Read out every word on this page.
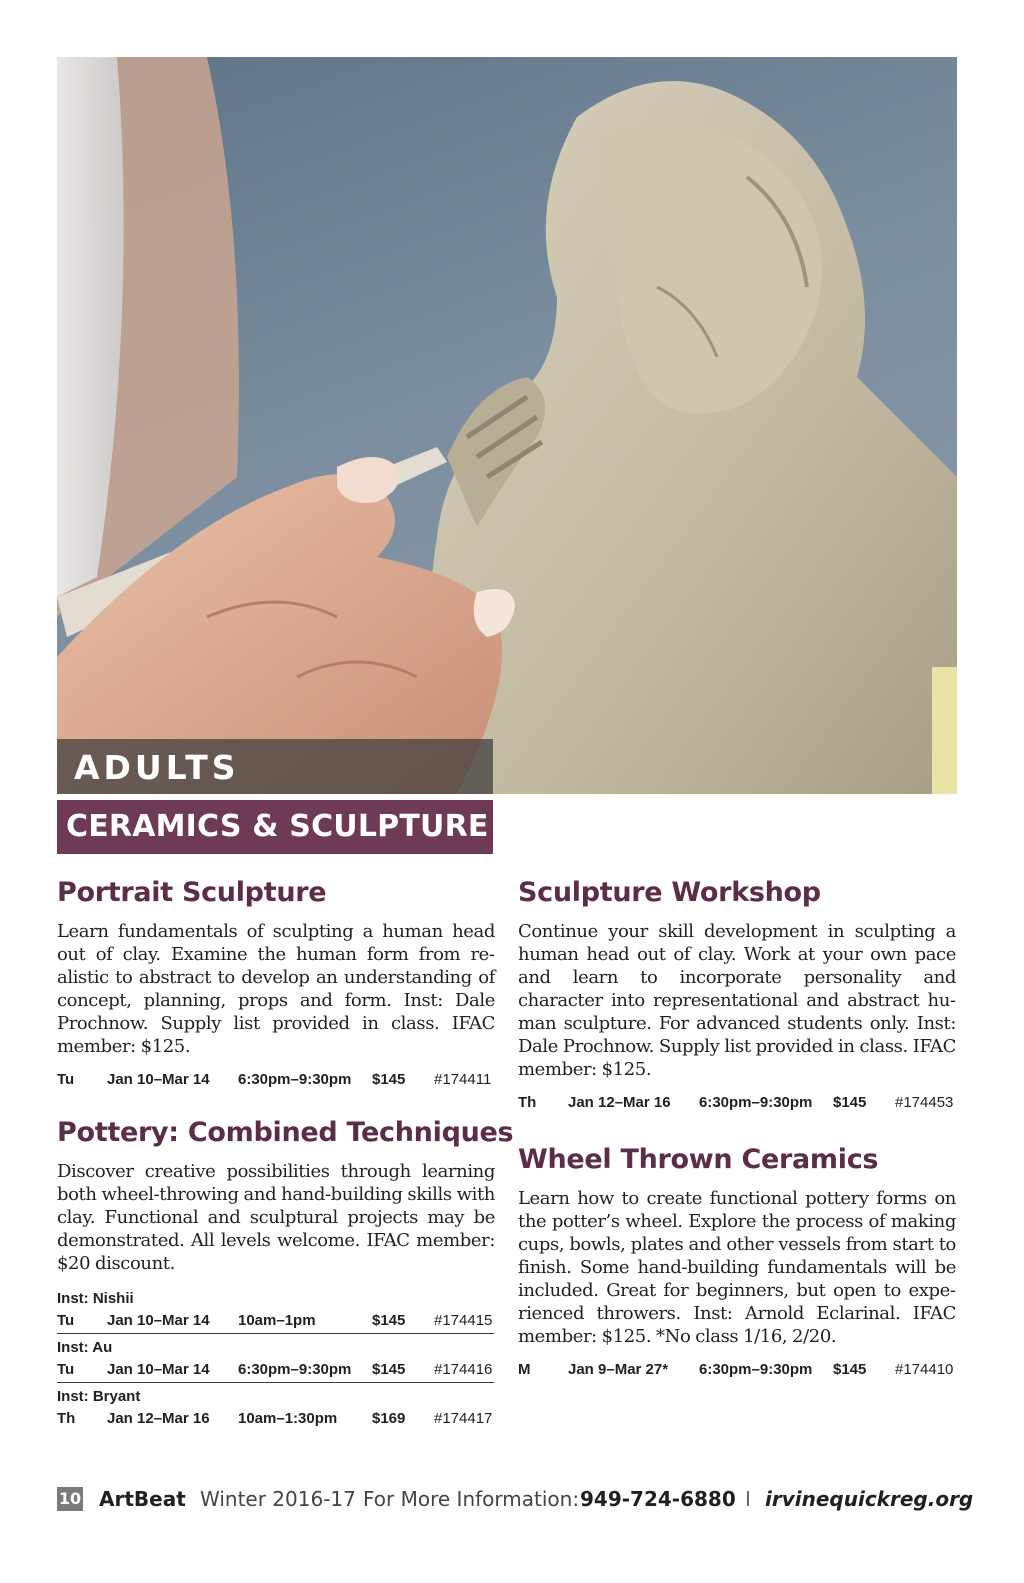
ADULTS
CERAMICS & SCULPTURE
Portrait Sculpture

Learn fundamentals of sculpting a human head out of clay. Examine the human form from realistic to abstract to develop an understanding of concept, planning, props and form. Inst: Dale Prochnow. Supply list provided in class. IFAC member: $125.

Tu Jan 10–Mar 14 6:30pm–9:30pm $145 #174411
Pottery: Combined Techniques

Discover creative possibilities through learning both wheel-throwing and hand-building skills with clay. Functional and sculptural projects may be demonstrated. All levels welcome. IFAC member: $20 discount.

Inst: Nishii
Tu Jan 10–Mar 14 10am–1pm	$145 #174415
Inst: Au
Tu Jan 10–Mar 14 6:30pm–9:30pm $145 #174416
Inst: Bryant
Th Jan 12–Mar 16 10am–1:30pm $169 #174417
Sculpture Workshop

Continue your skill development in sculpting a human head out of clay. Work at your own pace and learn to incorporate personality and character into representational and abstract human sculpture. For advanced students only. Inst: Dale Prochnow. Supply list provided in class. IFAC member: $125.

Th Jan 12–Mar 16 6:30pm–9:30pm $145 #174453
Wheel Thrown Ceramics

Learn how to create functional pottery forms on the potter’s wheel. Explore the process of making cups, bowls, plates and other vessels from start to finish. Some hand-building fundamentals will be included. Great for beginners, but open to experienced throwers. Inst: Arnold Eclarinal. IFAC member: $125. *No class 1/16, 2/20.

M	Jan 9–Mar 27* 6:30pm–9:30pm $145 #174410
10 ArtBeat Winter 2016-17 For More Information: 949-724-6880 I irvinequickreg.org
